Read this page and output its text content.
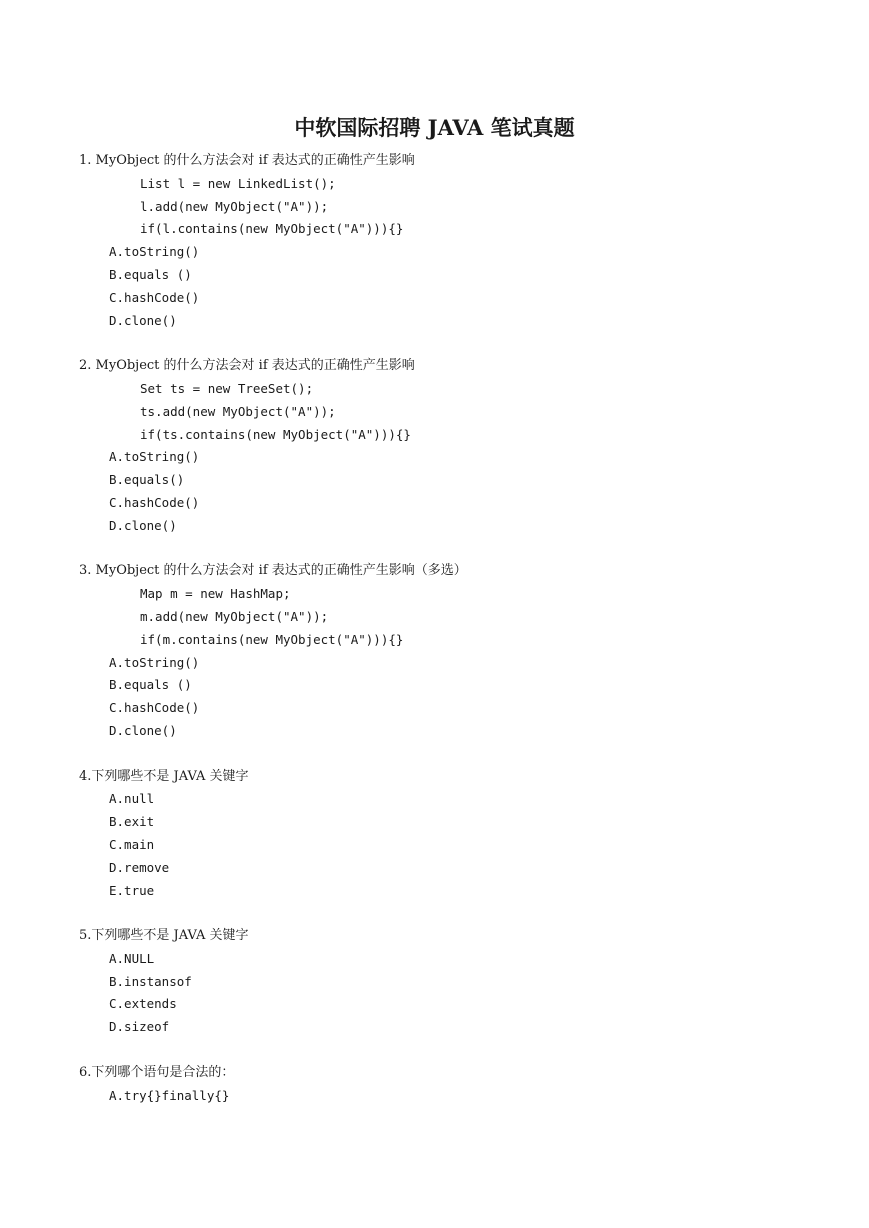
中软国际招聘 JAVA 笔试真题
1. MyObject 的什么方法会对 if 表达式的正确性产生影响
List l = new LinkedList();
l.add(new MyObject("A"));
if(l.contains(new MyObject("A"))){}
A.toString()
B.equals ()
C.hashCode()
D.clone()
2. MyObject 的什么方法会对 if 表达式的正确性产生影响
Set ts = new TreeSet();
ts.add(new MyObject("A"));
if(ts.contains(new MyObject("A"))){}
A.toString()
B.equals()
C.hashCode()
D.clone()
3. MyObject 的什么方法会对 if 表达式的正确性产生影响（多选）
Map m = new HashMap;
m.add(new MyObject("A"));
if(m.contains(new MyObject("A"))){}
A.toString()
B.equals ()
C.hashCode()
D.clone()
4.下列哪些不是 JAVA 关键字
A.null
B.exit
C.main
D.remove
E.true
5.下列哪些不是 JAVA 关键字
A.NULL
B.instansof
C.extends
D.sizeof
6.下列哪个语句是合法的：
A.try{}finally{}
